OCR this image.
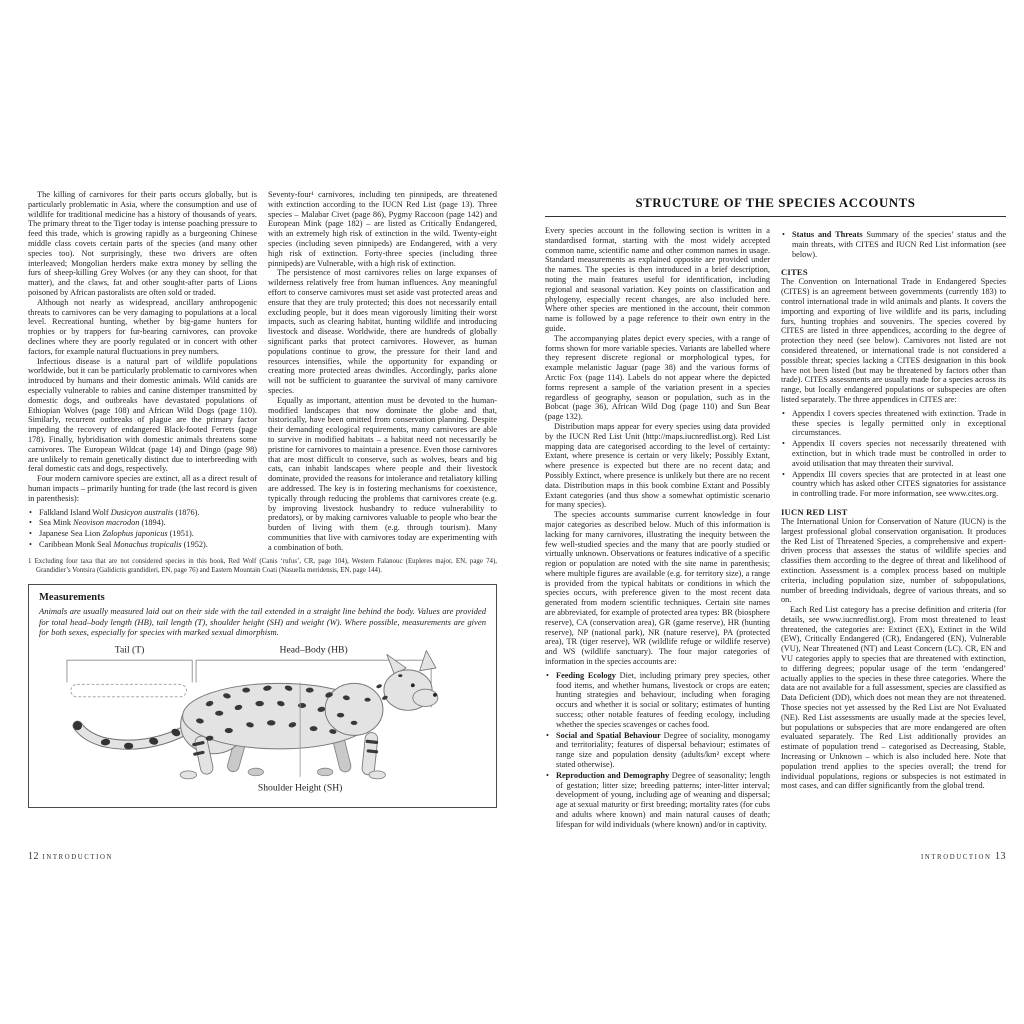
The killing of carnivores for their parts occurs globally, but is particularly problematic in Asia, where the consumption and use of wildlife for traditional medicine has a history of thousands of years. The primary threat to the Tiger today is intense poaching pressure to feed this trade, which is growing rapidly as a burgeoning Chinese middle class covets certain parts of the species (and many other species too). Not surprisingly, these two drivers are often interleaved; Mongolian herders make extra money by selling the furs of sheep-killing Grey Wolves (or any they can shoot, for that matter), and the claws, fat and other sought-after parts of Lions poisoned by African pastoralists are often sold or traded.

Although not nearly as widespread, ancillary anthropogenic threats to carnivores can be very damaging to populations at a local level. Recreational hunting, whether by big-game hunters for trophies or by trappers for fur-bearing carnivores, can provoke declines where they are poorly regulated or in concert with other factors, for example natural fluctuations in prey numbers.

Infectious disease is a natural part of wildlife populations worldwide, but it can be particularly problematic to carnivores when introduced by humans and their domestic animals. Wild canids are especially vulnerable to rabies and canine distemper transmitted by domestic dogs, and outbreaks have devastated populations of Ethiopian Wolves (page 108) and African Wild Dogs (page 110). Similarly, recurrent outbreaks of plague are the primary factor impeding the recovery of endangered Black-footed Ferrets (page 178). Finally, hybridisation with domestic animals threatens some carnivores. The European Wildcat (page 14) and Dingo (page 98) are unlikely to remain genetically distinct due to interbreeding with feral domestic cats and dogs, respectively.

Four modern carnivore species are extinct, all as a direct result of human impacts – primarily hunting for trade (the last record is given in parenthesis):

• Falkland Island Wolf Dusicyon australis (1876).
• Sea Mink Neovison macrodon (1894).
• Japanese Sea Lion Zalophus japonicus (1951).
• Caribbean Monk Seal Monachus tropicalis (1952).

Seventy-four¹ carnivores, including ten pinnipeds, are threatened with extinction according to the IUCN Red List (page 13). Three species – Malabar Civet (page 86), Pygmy Raccoon (page 142) and European Mink (page 182) – are listed as Critically Endangered, with an extremely high risk of extinction in the wild. Twenty-eight species (including seven pinnipeds) are Endangered, with a very high risk of extinction. Forty-three species (including three pinnipeds) are Vulnerable, with a high risk of extinction.

The persistence of most carnivores relies on large expanses of wilderness relatively free from human influences. Any meaningful effort to conserve carnivores must set aside vast protected areas and ensure that they are truly protected; this does not necessarily entail excluding people, but it does mean vigorously limiting their worst impacts, such as clearing habitat, hunting wildlife and introducing livestock and disease. Worldwide, there are hundreds of globally significant parks that protect carnivores. However, as human populations continue to grow, the pressure for their land and resources intensifies, while the opportunity for expanding or creating more protected areas dwindles. Accordingly, parks alone will not be sufficient to guarantee the survival of many carnivore species.

Equally as important, attention must be devoted to the human-modified landscapes that now dominate the globe and that, historically, have been omitted from conservation planning. Despite their demanding ecological requirements, many carnivores are able to survive in modified habitats – a habitat need not necessarily be pristine for carnivores to maintain a presence. Even those carnivores that are most difficult to conserve, such as wolves, bears and big cats, can inhabit landscapes where people and their livestock dominate, provided the reasons for intolerance and retaliatory killing are addressed. The key is in fostering mechanisms for coexistence, typically through reducing the problems that carnivores create (e.g. by improving livestock husbandry to reduce vulnerability to predators), or by making carnivores valuable to people who bear the burden of living with them (e.g. through tourism). Many communities that live with carnivores today are experimenting with a combination of both.

1 Excluding four taxa that are not considered species in this book, Red Wolf (Canis ‘rufus’, CR, page 104), Western Falanouc (Eupleres major, EN, page 74), Grandidier’s Vontsira (Galidictis grandidieri, EN, page 76) and Eastern Mountain Coati (Nasuella meridensis, EN, page 144).

Measurements

Animals are usually measured laid out on their side with the tail extended in a straight line behind the body. Values are provided for total head–body length (HB), tail length (T), shoulder height (SH) and weight (W). Where possible, measurements are given for both sexes, especially for species with marked sexual dimorphism.

Tail (T)	Head–Body (HB)
Shoulder Height (SH)
12 INTRODUCTION
STRUCTURE OF THE SPECIES ACCOUNTS

Every species account in the following section is written in a standardised format, starting with the most widely accepted common name, scientific name and other common names in usage. Standard measurements as explained opposite are provided under the names. The species is then introduced in a brief description, noting the main features useful for identification, including regional and seasonal variation. Key points on classification and phylogeny, especially recent changes, are also included here. Where other species are mentioned in the account, their common name is followed by a page reference to their own entry in the guide.

The accompanying plates depict every species, with a range of forms shown for more variable species. Variants are labelled where they represent discrete regional or morphological types, for example melanistic Jaguar (page 38) and the various forms of Arctic Fox (page 114). Labels do not appear where the depicted forms represent a sample of the variation present in a species regardless of geography, season or population, such as in the Bobcat (page 36), African Wild Dog (page 110) and Sun Bear (page 132).

Distribution maps appear for every species using data provided by the IUCN Red List Unit (http://maps.iucnredlist.org). Red List mapping data are categorised according to the level of certainty: Extant, where presence is certain or very likely; Possibly Extant, where presence is expected but there are no recent data; and Possibly Extinct, where presence is unlikely but there are no recent data. Distribution maps in this book combine Extant and Possibly Extant categories (and thus show a somewhat optimistic scenario for many species).

The species accounts summarise current knowledge in four major categories as described below. Much of this information is lacking for many carnivores, illustrating the inequity between the few well-studied species and the many that are poorly studied or virtually unknown. Observations or features indicative of a specific region or population are noted with the site name in parenthesis; where multiple figures are available (e.g. for territory size), a range is provided from the typical habitats or conditions in which the species occurs, with preference given to the most recent data generated from modern scientific techniques. Certain site names are abbreviated, for example of protected area types: BR (biosphere reserve), CA (conservation area), GR (game reserve), HR (hunting reserve), NP (national park), NR (nature reserve), PA (protected area), TR (tiger reserve), WR (wildlife refuge or wildlife reserve) and WS (wildlife sanctuary). The four major categories of information in the species accounts are:

• Feeding Ecology Diet, including primary prey species, other food items, and whether humans, livestock or crops are eaten; hunting strategies and behaviour, including when foraging occurs and whether it is social or solitary; estimates of hunting success; other notable features of feeding ecology, including whether the species scavenges or caches food.
• Social and Spatial Behaviour Degree of sociality, monogamy and territoriality; features of dispersal behaviour; estimates of range size and population density (adults/km² except where stated otherwise).
• Reproduction and Demography Degree of seasonality; length of gestation; litter size; breeding patterns; inter-litter interval; development of young, including age of weaning and dispersal; age at sexual maturity or first breeding; mortality rates (for cubs and adults where known) and main natural causes of death; lifespan for wild individuals (where known) and/or in captivity.
• Status and Threats Summary of the species’ status and the main threats, with CITES and IUCN Red List information (see below).

CITES

The Convention on International Trade in Endangered Species (CITES) is an agreement between governments (currently 183) to control international trade in wild animals and plants. It covers the importing and exporting of live wildlife and its parts, including furs, hunting trophies and souvenirs. The species covered by CITES are listed in three appendices, according to the degree of protection they need (see below). Carnivores not listed are not considered threatened, or international trade is not considered a possible threat; species lacking a CITES designation in this book have not been listed (but may be threatened by factors other than trade). CITES assessments are usually made for a species across its range, but locally endangered populations or subspecies are often listed separately. The three appendices in CITES are:

• Appendix I covers species threatened with extinction. Trade in these species is legally permitted only in exceptional circumstances.
• Appendix II covers species not necessarily threatened with extinction, but in which trade must be controlled in order to avoid utilisation that may threaten their survival.
• Appendix III covers species that are protected in at least one country which has asked other CITES signatories for assistance in controlling trade. For more information, see www.cites.org.

IUCN RED LIST

The International Union for Conservation of Nature (IUCN) is the largest professional global conservation organisation. It produces the Red List of Threatened Species, a comprehensive and expert-driven process that assesses the status of wildlife species and classifies them according to the degree of threat and likelihood of extinction. Assessment is a complex process based on multiple criteria, including population size, number of subpopulations, number of breeding individuals, degree of various threats, and so on.

Each Red List category has a precise definition and criteria (for details, see www.iucnredlist.org). From most threatened to least threatened, the categories are: Extinct (EX), Extinct in the Wild (EW), Critically Endangered (CR), Endangered (EN), Vulnerable (VU), Near Threatened (NT) and Least Concern (LC). CR, EN and VU categories apply to species that are threatened with extinction, to differing degrees; popular usage of the term ‘endangered’ actually applies to the species in these three categories. Where the data are not available for a full assessment, species are classified as Data Deficient (DD), which does not mean they are not threatened. Those species not yet assessed by the Red List are Not Evaluated (NE). Red List assessments are usually made at the species level, but populations or subspecies that are more endangered are often evaluated separately. The Red List additionally provides an estimate of population trend – categorised as Decreasing, Stable, Increasing or Unknown – which is also included here. Note that population trend applies to the species overall; the trend for individual populations, regions or subspecies is not estimated in most cases, and can differ significantly from the global trend.

INTRODUCTION 13
